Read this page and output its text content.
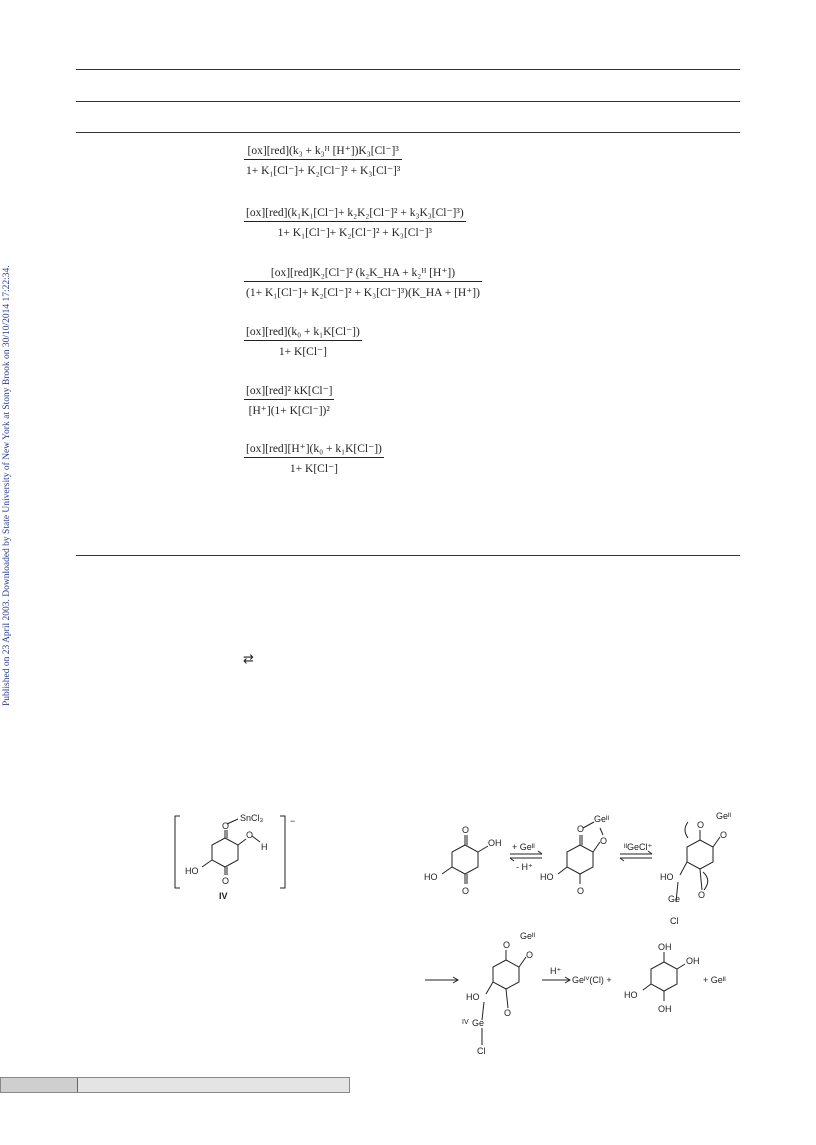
Published on 23 April 2003. Downloaded by State University of New York at Stony Brook on 30/10/2014 17:22:34.
[ox][red](k₃ + k₃ᴴ [H⁺])K₃[Cl⁻]³
1+ K₁[Cl⁻]+ K₂[Cl⁻]² + K₃[Cl⁻]³
[ox][red](k₁K₁[Cl⁻]+ k₂K₂[Cl⁻]² + k₃K₃[Cl⁻]³)
1+ K₁[Cl⁻]+ K₂[Cl⁻]² + K₃[Cl⁻]³
[ox][red]K₂[Cl⁻]² (k₂K_HA + k₂ᴴ [H⁺])
(1+ K₁[Cl⁻]+ K₂[Cl⁻]² + K₃[Cl⁻]³)(K_HA + [H⁺])
[ox][red](k₀ + k₁K[Cl⁻])
1+ K[Cl⁻]
[ox][red]² kK[Cl⁻]
[H⁺](1+ K[Cl⁻])²
[ox][red][H⁺](k₀ + k₁K[Cl⁻])
1+ K[Cl⁻]
⇄
−
O
SnCl₃
O
H
HO
O
IV
O
OH
HO
O
+ Geᴵᴵ
- H⁺
O
Geᴵᴵ
O
HO
O
ᴵᴵGeCl⁺
O
Geᴵᴵ
O
HO
Ge O
Cl
O
Geᴵᴵ
O
HO
IV Ge
O
Cl
H⁺
Geᴵⱽ(Cl) +
OH
OH
HO
OH
+ Geᴵᴵ
